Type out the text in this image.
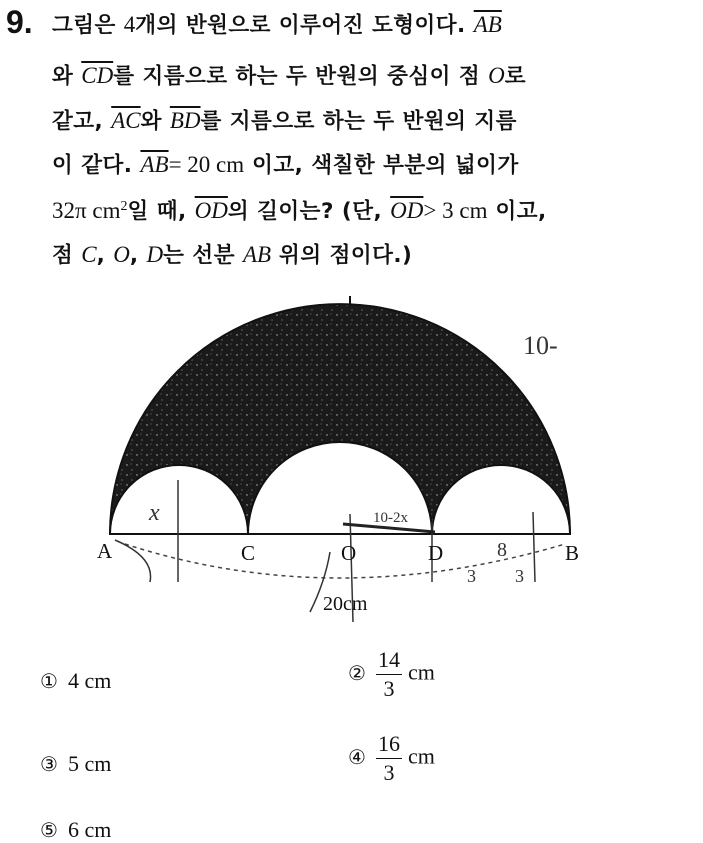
9. 그림은 4개의 반원으로 이루어진 도형이다. $\overline{AB}$
와 $\overline{CD}$를 지름으로 하는 두 반원의 중심이 점 O로
같고, $\overline{AC}$와 $\overline{BD}$를 지름으로 하는 두 반원의 지름
이 같다. $\overline{AB}= 20$ cm 이고, 색칠한 부분의 넓이가
32π $cm^2$일 때, $\overline{OD}$의 길이는? (단, $\overline{OD}> 3$ cm 이고,
점 C, O, D는 선분 AB 위의 점이다.)
A	C	O	D	B
20cm
10-
x	10-2x
8
3 3
① 4 cm	② $\frac{14}{3}$ cm
③ 5 cm	④ $\frac{16}{3}$ cm
⑤ 6 cm
